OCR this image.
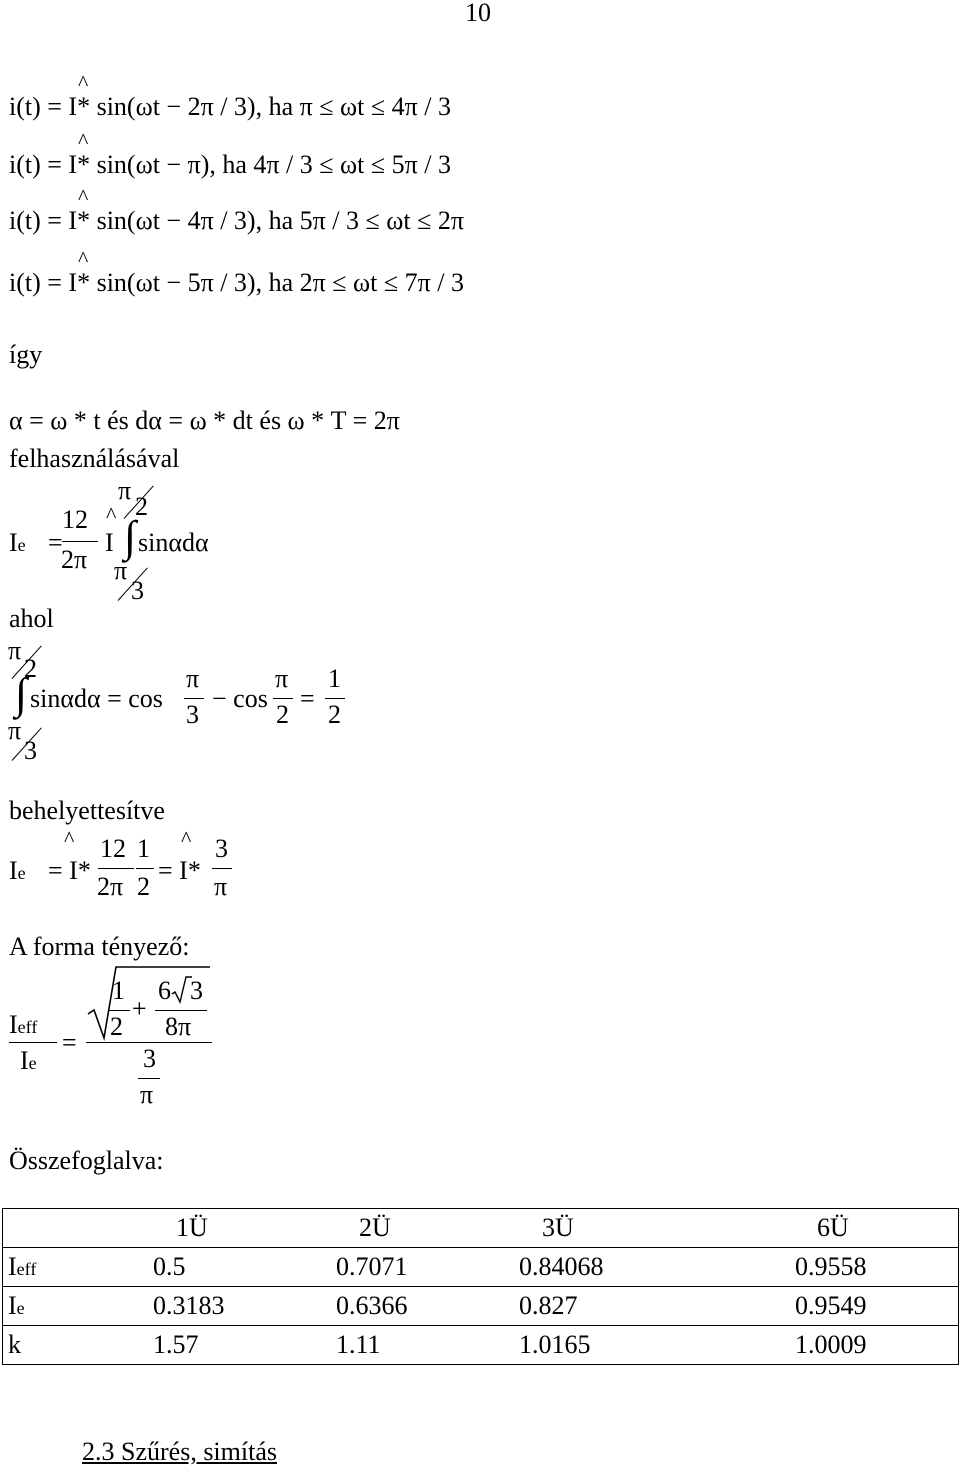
10
^
i(t) = I* sin(ωt − 2π / 3), ha π ≤ ωt ≤ 4π / 3
^
i(t) = I* sin(ωt − π), ha 4π / 3 ≤ ωt ≤ 5π / 3
^
i(t) = I* sin(ωt − 4π / 3), ha 5π / 3 ≤ ωt ≤ 2π
^
i(t) = I* sin(ωt − 5π / 3), ha 2π ≤ ωt ≤ 7π / 3
így
α = ω * t és dα = ω * dt és ω * T = 2π
felhasználásával
Ie =
12
2π
^
I ∫
π
2
sinαdα
π
3
ahol
π
2
∫ sinαdα = cos
π
3
− cos
π
2
=
1
2
π
3
behelyettesítve
Ie
^
= I*
12
2π
1
2
^
= I*
3
π
A forma tényező:
Ieff
Ie
=
1
2
+
6 3
8π
3
π
Összefoglalva:
	1Ü	2Ü	3Ü	6Ü
Ieff	0.5	0.7071	0.84068	0.9558
Ie	0.3183	0.6366	0.827	0.9549
k	1.57	1.11	1.0165	1.0009
2.3 Szűrés, simítás
